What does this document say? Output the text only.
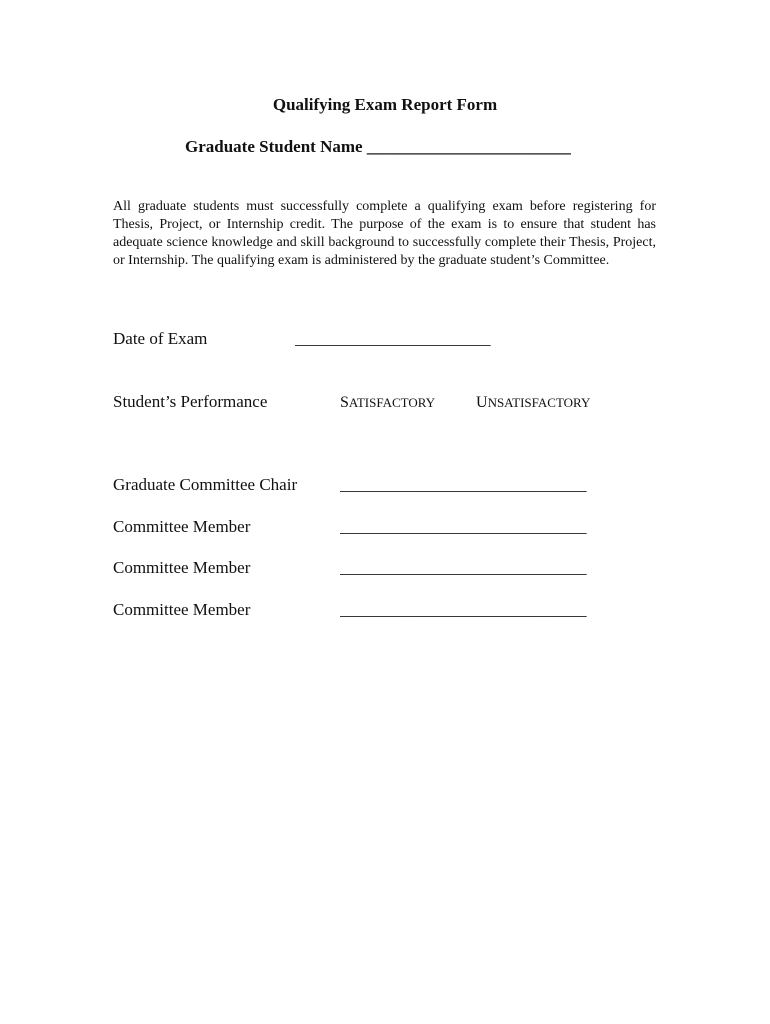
Qualifying Exam Report Form
Graduate Student Name ________________________

All graduate students must successfully complete a qualifying exam before registering for Thesis, Project, or Internship credit. The purpose of the exam is to ensure that student has adequate science knowledge and skill background to successfully complete their Thesis, Project, or Internship. The qualifying exam is administered by the graduate student’s Committee.

Date of Exam	_______________________
Student’s Performance	SATISFACTORY	UNSATISFACTORY
Graduate Committee Chair	_____________________________
Committee Member	_____________________________
Committee Member	_____________________________
Committee Member	_____________________________
